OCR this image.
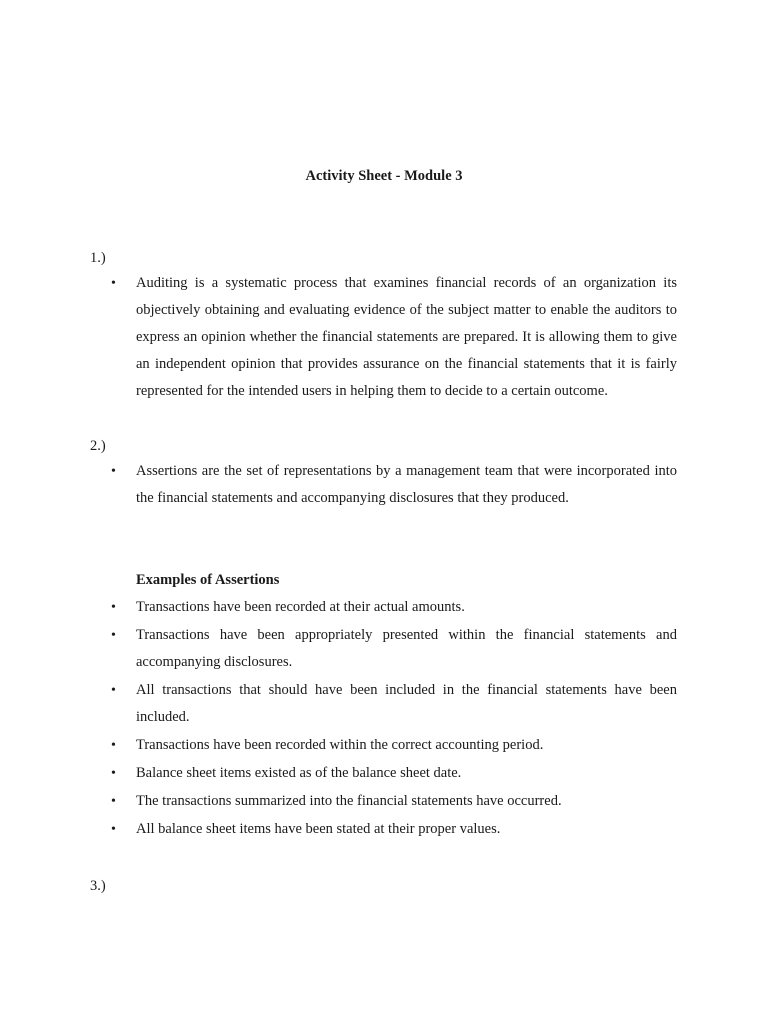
Activity Sheet - Module 3
1.)
•	Auditing is a systematic process that examines financial records of an organization its objectively obtaining and evaluating evidence of the subject matter to enable the auditors to express an opinion whether the financial statements are prepared. It is allowing them to give an independent opinion that provides assurance on the financial statements that it is fairly represented for the intended users in helping them to decide to a certain outcome.
2.)
•	Assertions are the set of representations by a management team that were incorporated into the financial statements and accompanying disclosures that they produced.
Examples of Assertions
•	Transactions have been recorded at their actual amounts.
•	Transactions have been appropriately presented within the financial statements and accompanying disclosures.
•	All transactions that should have been included in the financial statements have been included.
•	Transactions have been recorded within the correct accounting period.
•	Balance sheet items existed as of the balance sheet date.
•	The transactions summarized into the financial statements have occurred.
•	All balance sheet items have been stated at their proper values.
3.)
